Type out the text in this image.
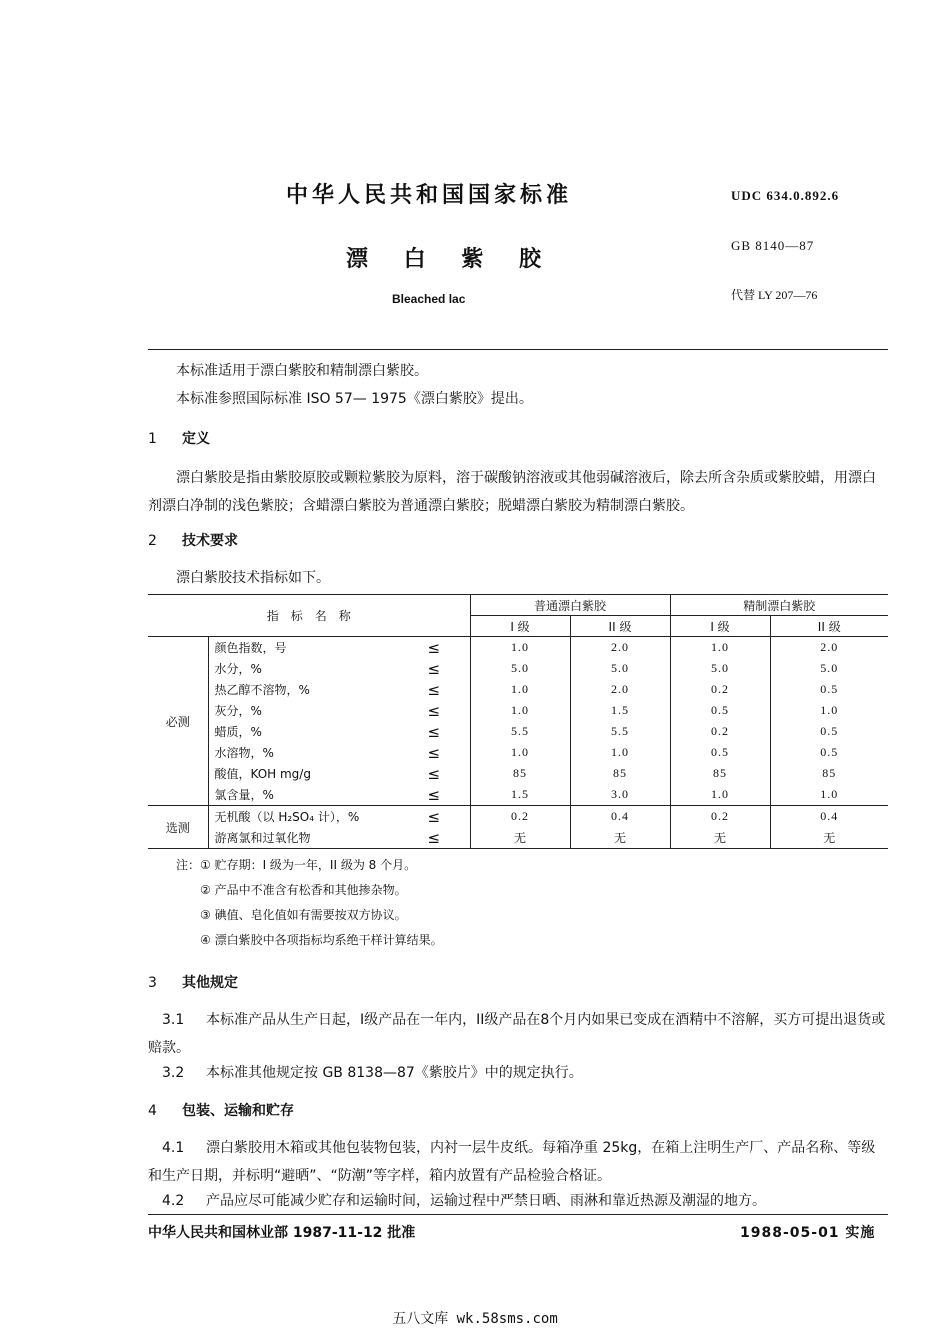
中华人民共和国国家标准
漂 白 紫 胶
Bleached lac
UDC 634.0.892.6
GB 8140—87
代替 LY 207—76
本标准适用于漂白紫胶和精制漂白紫胶。
本标准参照国际标准 ISO 57— 1975《漂白紫胶》提出。
1 定义
漂白紫胶是指由紫胶原胶或颗粒紫胶为原料，溶于碳酸钠溶液或其他弱碱溶液后，除去所含杂质或紫胶蜡，用漂白剂漂白净制的浅色紫胶；含蜡漂白紫胶为普通漂白紫胶；脱蜡漂白紫胶为精制漂白紫胶。
2 技术要求
漂白紫胶技术指标如下。
指　标　名　称			普通漂白紫胶		精制漂白紫胶	
			I 级	II 级	I 级	II 级
必测	颜色指数，号	≤	1.0	2.0	1.0	2.0
	水分，%	≤	5.0	5.0	5.0	5.0
	热乙醇不溶物，%	≤	1.0	2.0	0.2	0.5
	灰分，%	≤	1.0	1.5	0.5	1.0
	蜡质，%	≤	5.5	5.5	0.2	0.5
	水溶物，%	≤	1.0	1.0	0.5	0.5
	酸值，KOH mg/g	≤	85	85	85	85
	氯含量，%	≤	1.5	3.0	1.0	1.0
选测	无机酸（以 H₂SO₄ 计），%	≤	0.2	0.4	0.2	0.4
	游离氯和过氧化物	≤	无	无	无	无
注：① 贮存期：I 级为一年，II 级为 8 个月。
② 产品中不准含有松香和其他掺杂物。
③ 碘值、皂化值如有需要按双方协议。
④ 漂白紫胶中各项指标均系绝干样计算结果。
3 其他规定
3.1 本标准产品从生产日起，I级产品在一年内，II级产品在8个月内如果已变成在酒精中不溶解，买方可提出退货或赔款。
3.2 本标准其他规定按 GB 8138—87《紫胶片》中的规定执行。
4 包装、运输和贮存
4.1 漂白紫胶用木箱或其他包装物包装，内衬一层牛皮纸。每箱净重 25kg，在箱上注明生产厂、产品名称、等级和生产日期，并标明“避晒”、“防潮”等字样，箱内放置有产品检验合格证。
4.2 产品应尽可能减少贮存和运输时间，运输过程中严禁日晒、雨淋和靠近热源及潮湿的地方。
中华人民共和国林业部 1987-11-12 批准	1988-05-01 实施
五八文库 wk.58sms.com
